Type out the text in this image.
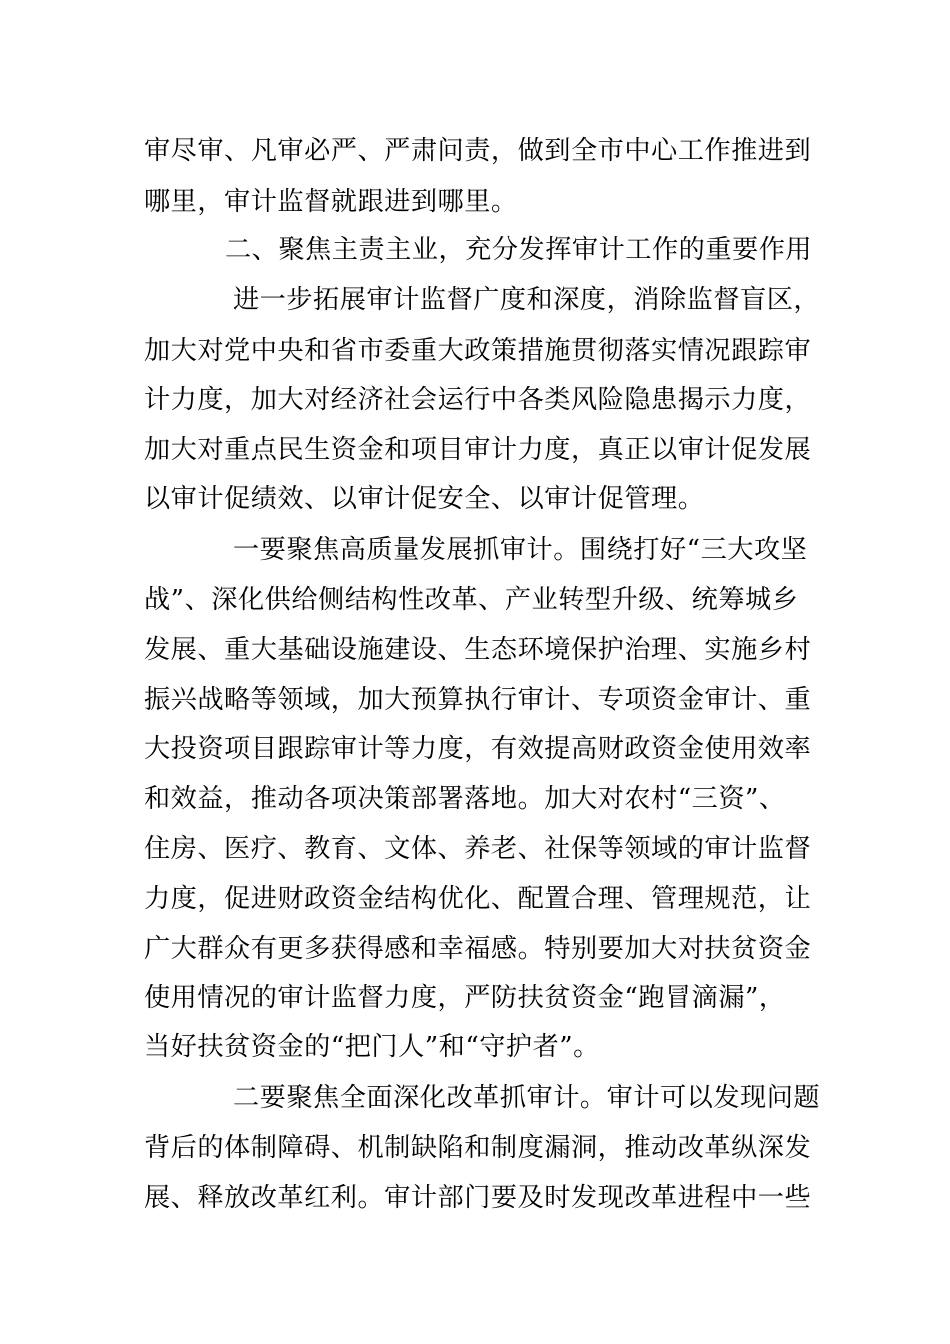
审尽审、凡审必严、严肃问责，做到全市中心工作推进到
哪里，审计监督就跟进到哪里。
二、聚焦主责主业，充分发挥审计工作的重要作用
进一步拓展审计监督广度和深度，消除监督盲区，
加大对党中央和省市委重大政策措施贯彻落实情况跟踪审
计力度，加大对经济社会运行中各类风险隐患揭示力度，
加大对重点民生资金和项目审计力度，真正以审计促发展
以审计促绩效、以审计促安全、以审计促管理。
一要聚焦高质量发展抓审计。围绕打好“三大攻坚
战”、深化供给侧结构性改革、产业转型升级、统筹城乡
发展、重大基础设施建设、生态环境保护治理、实施乡村
振兴战略等领域，加大预算执行审计、专项资金审计、重
大投资项目跟踪审计等力度，有效提高财政资金使用效率
和效益，推动各项决策部署落地。加大对农村“三资”、
住房、医疗、教育、文体、养老、社保等领域的审计监督
力度，促进财政资金结构优化、配置合理、管理规范，让
广大群众有更多获得感和幸福感。特别要加大对扶贫资金
使用情况的审计监督力度，严防扶贫资金“跑冒滴漏”，
当好扶贫资金的“把门人”和“守护者”。
二要聚焦全面深化改革抓审计。审计可以发现问题
背后的体制障碍、机制缺陷和制度漏洞，推动改革纵深发
展、释放改革红利。审计部门要及时发现改革进程中一些
